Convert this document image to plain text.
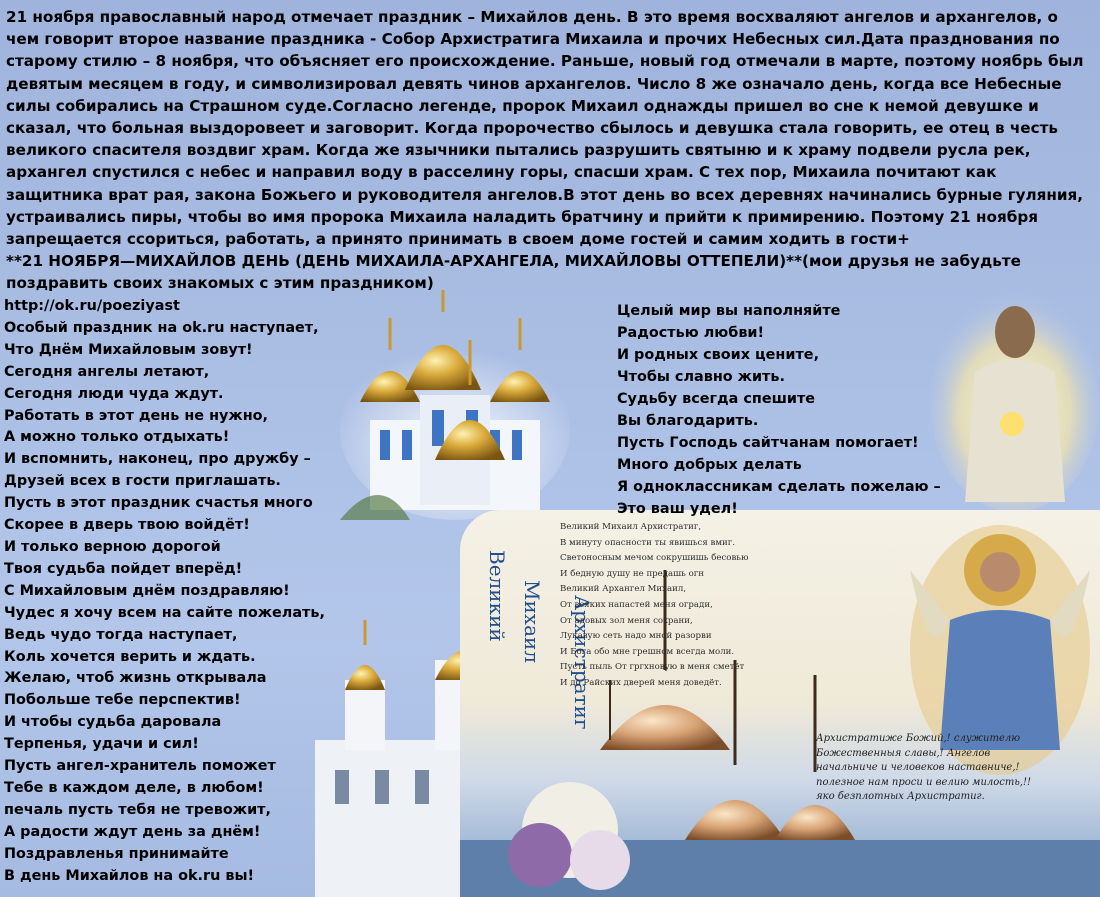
21 ноября православный народ отмечает праздник – Михайлов день. В это время восхваляют ангелов и архангелов, о
чем говорит второе название праздника - Собор Архистратига Михаила и прочих Небесных сил.Дата празднования по
старому стилю – 8 ноября, что объясняет его происхождение. Раньше, новый год отмечали в марте, поэтому ноябрь был
девятым месяцем в году, и символизировал девять чинов архангелов. Число 8 же означало день, когда все Небесные
силы собирались на Страшном суде.Согласно легенде, пророк Михаил однажды пришел во сне к немой девушке и
сказал, что больная выздоровеет и заговорит. Когда пророчество сбылось и девушка стала говорить, ее отец в честь
великого спасителя воздвиг храм. Когда же язычники пытались разрушить святыню и к храму подвели русла рек,
архангел спустился с небес и направил воду в расселину горы, спасши храм. С тех пор, Михаила почитают как
защитника врат рая, закона Божьего и руководителя ангелов.В этот день во всех деревнях начинались бурные гуляния,
устраивались пиры, чтобы во имя пророка Михаила наладить братчину и прийти к примирению. Поэтому 21 ноября
запрещается ссориться, работать, а принято принимать в своем доме гостей и самим ходить в гости+
**21 НОЯБРЯ—МИХАЙЛОВ ДЕНЬ (ДЕНЬ МИХАИЛА-АРХАНГЕЛА, МИХАЙЛОВЫ ОТТЕПЕЛИ)**(мои друзья не забудьте
поздравить своих знакомых с этим праздником)

Великий Михаил Архистратиг
Великий Михаил Архистратиг,
В минуту опасности ты явишься вмиг.
Светоносным мечом сокрушишь бесовью
И бедную душу не предашь огн
Великий Архангел Михаил,
От всяких напастей меня огради,
От адовых зол меня сохрани,
Лукавую сеть надо мной разорви
И Бога обо мне грешном всегда моли.
Пусть пыль От гргхновую в меня сметёт
И до Райских дверей меня доведёт.
Архистратиже Божий,! служителю
Божественныя славы,! Ангелов
начальниче и человеков наставниче,!
полезное нам проси и велию милость,!!
яко безплотных Архистратиг.
http://ok.ru/poeziyast
Особый праздник на ok.ru наступает,
Что Днём Михайловым зовут!
Сегодня ангелы летают,
Сегодня люди чуда ждут.
Работать в этот день не нужно,
А можно только отдыхать!
И вспомнить, наконец, про дружбу –
Друзей всех в гости приглашать.
Пусть в этот праздник счастья много
Скорее в дверь твою войдёт!
И только верною дорогой
Твоя судьба пойдет вперёд!
С Михайловым днём поздравляю!
Чудес я хочу всем на сайте пожелать,
Ведь чудо тогда наступает,
Коль хочется верить и ждать.
Желаю, чтоб жизнь открывала
Побольше тебе перспектив!
И чтобы судьба даровала
Терпенья, удачи и сил!
Пусть ангел-хранитель поможет
Тебе в каждом деле, в любом!
печаль пусть тебя не тревожит,
А радости ждут день за днём!
Поздравленья принимайте
В день Михайлов на ok.ru вы!
Целый мир вы наполняйте
Радостью любви!
И родных своих цените,
Чтобы славно жить.
Судьбу всегда спешите
Вы благодарить.
Пусть Господь сайтчанам помогает!
Много добрых делать
Я одноклассникам сделать пожелаю –
Это ваш удел!
